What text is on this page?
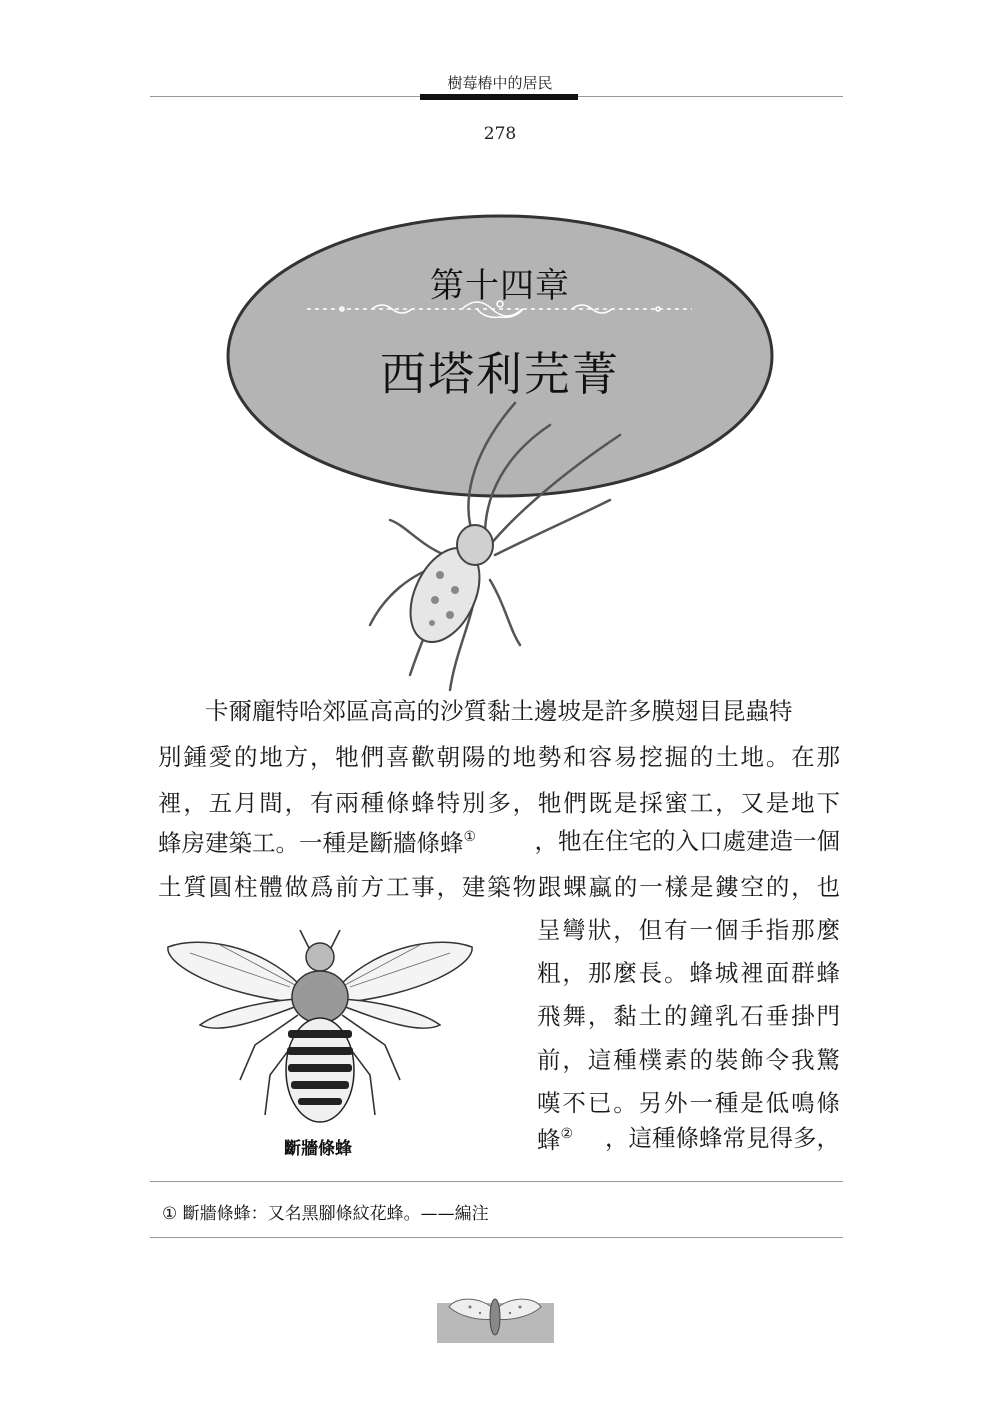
樹莓樁中的居民
278
第十四章
西塔利芫菁
卡爾龐特哈郊區高高的沙質黏土邊坡是許多膜翅目昆蟲特
別鍾愛的地方，牠們喜歡朝陽的地勢和容易挖掘的土地。在那
裡，五月間，有兩種條蜂特別多，牠們既是採蜜工，又是地下
蜂房建築工。一種是斷牆條蜂① ，牠在住宅的入口處建造一個
土質圓柱體做爲前方工事，建築物跟蜾蠃的一樣是鏤空的，也
呈彎狀，但有一個手指那麼
粗，那麼長。蜂城裡面群蜂
飛舞，黏土的鐘乳石垂掛門
前，這種樸素的裝飾令我驚
嘆不已。另外一種是低鳴條
蜂② ，這種條蜂常見得多，
斷牆條蜂
① 斷牆條蜂：又名黑腳條紋花蜂。——編注
